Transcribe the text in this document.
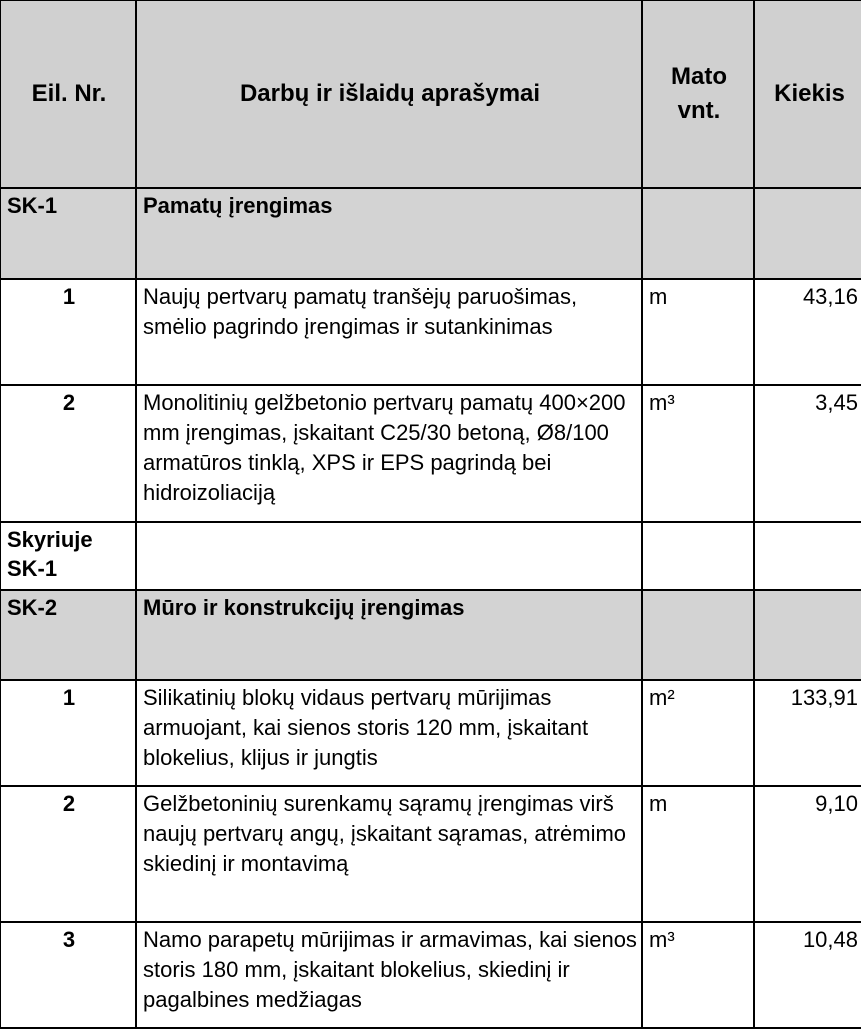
Eil. Nr.	Darbų ir išlaidų aprašymai	Mato vnt.	Kiekis
SK-1	Pamatų įrengimas		
1	Naujų pertvarų pamatų tranšėjų paruošimas, smėlio pagrindo įrengimas ir sutankinimas	m	43,16
2	Monolitinių gelžbetonio pertvarų pamatų 400×200 mm įrengimas, įskaitant C25/30 betoną, Ø8/100 armatūros tinklą, XPS ir EPS pagrindą bei hidroizoliaciją	m³	3,45
Skyriuje SK-1			
SK-2	Mūro ir konstrukcijų įrengimas		
1	Silikatinių blokų vidaus pertvarų mūrijimas armuojant, kai sienos storis 120 mm, įskaitant blokelius, klijus ir jungtis	m²	133,91
2	Gelžbetoninių surenkamų sąramų įrengimas virš naujų pertvarų angų, įskaitant sąramas, atrėmimo skiedinį ir montavimą	m	9,10
3	Namo parapetų mūrijimas ir armavimas, kai sienos storis 180 mm, įskaitant blokelius, skiedinį ir pagalbines medžiagas	m³	10,48
